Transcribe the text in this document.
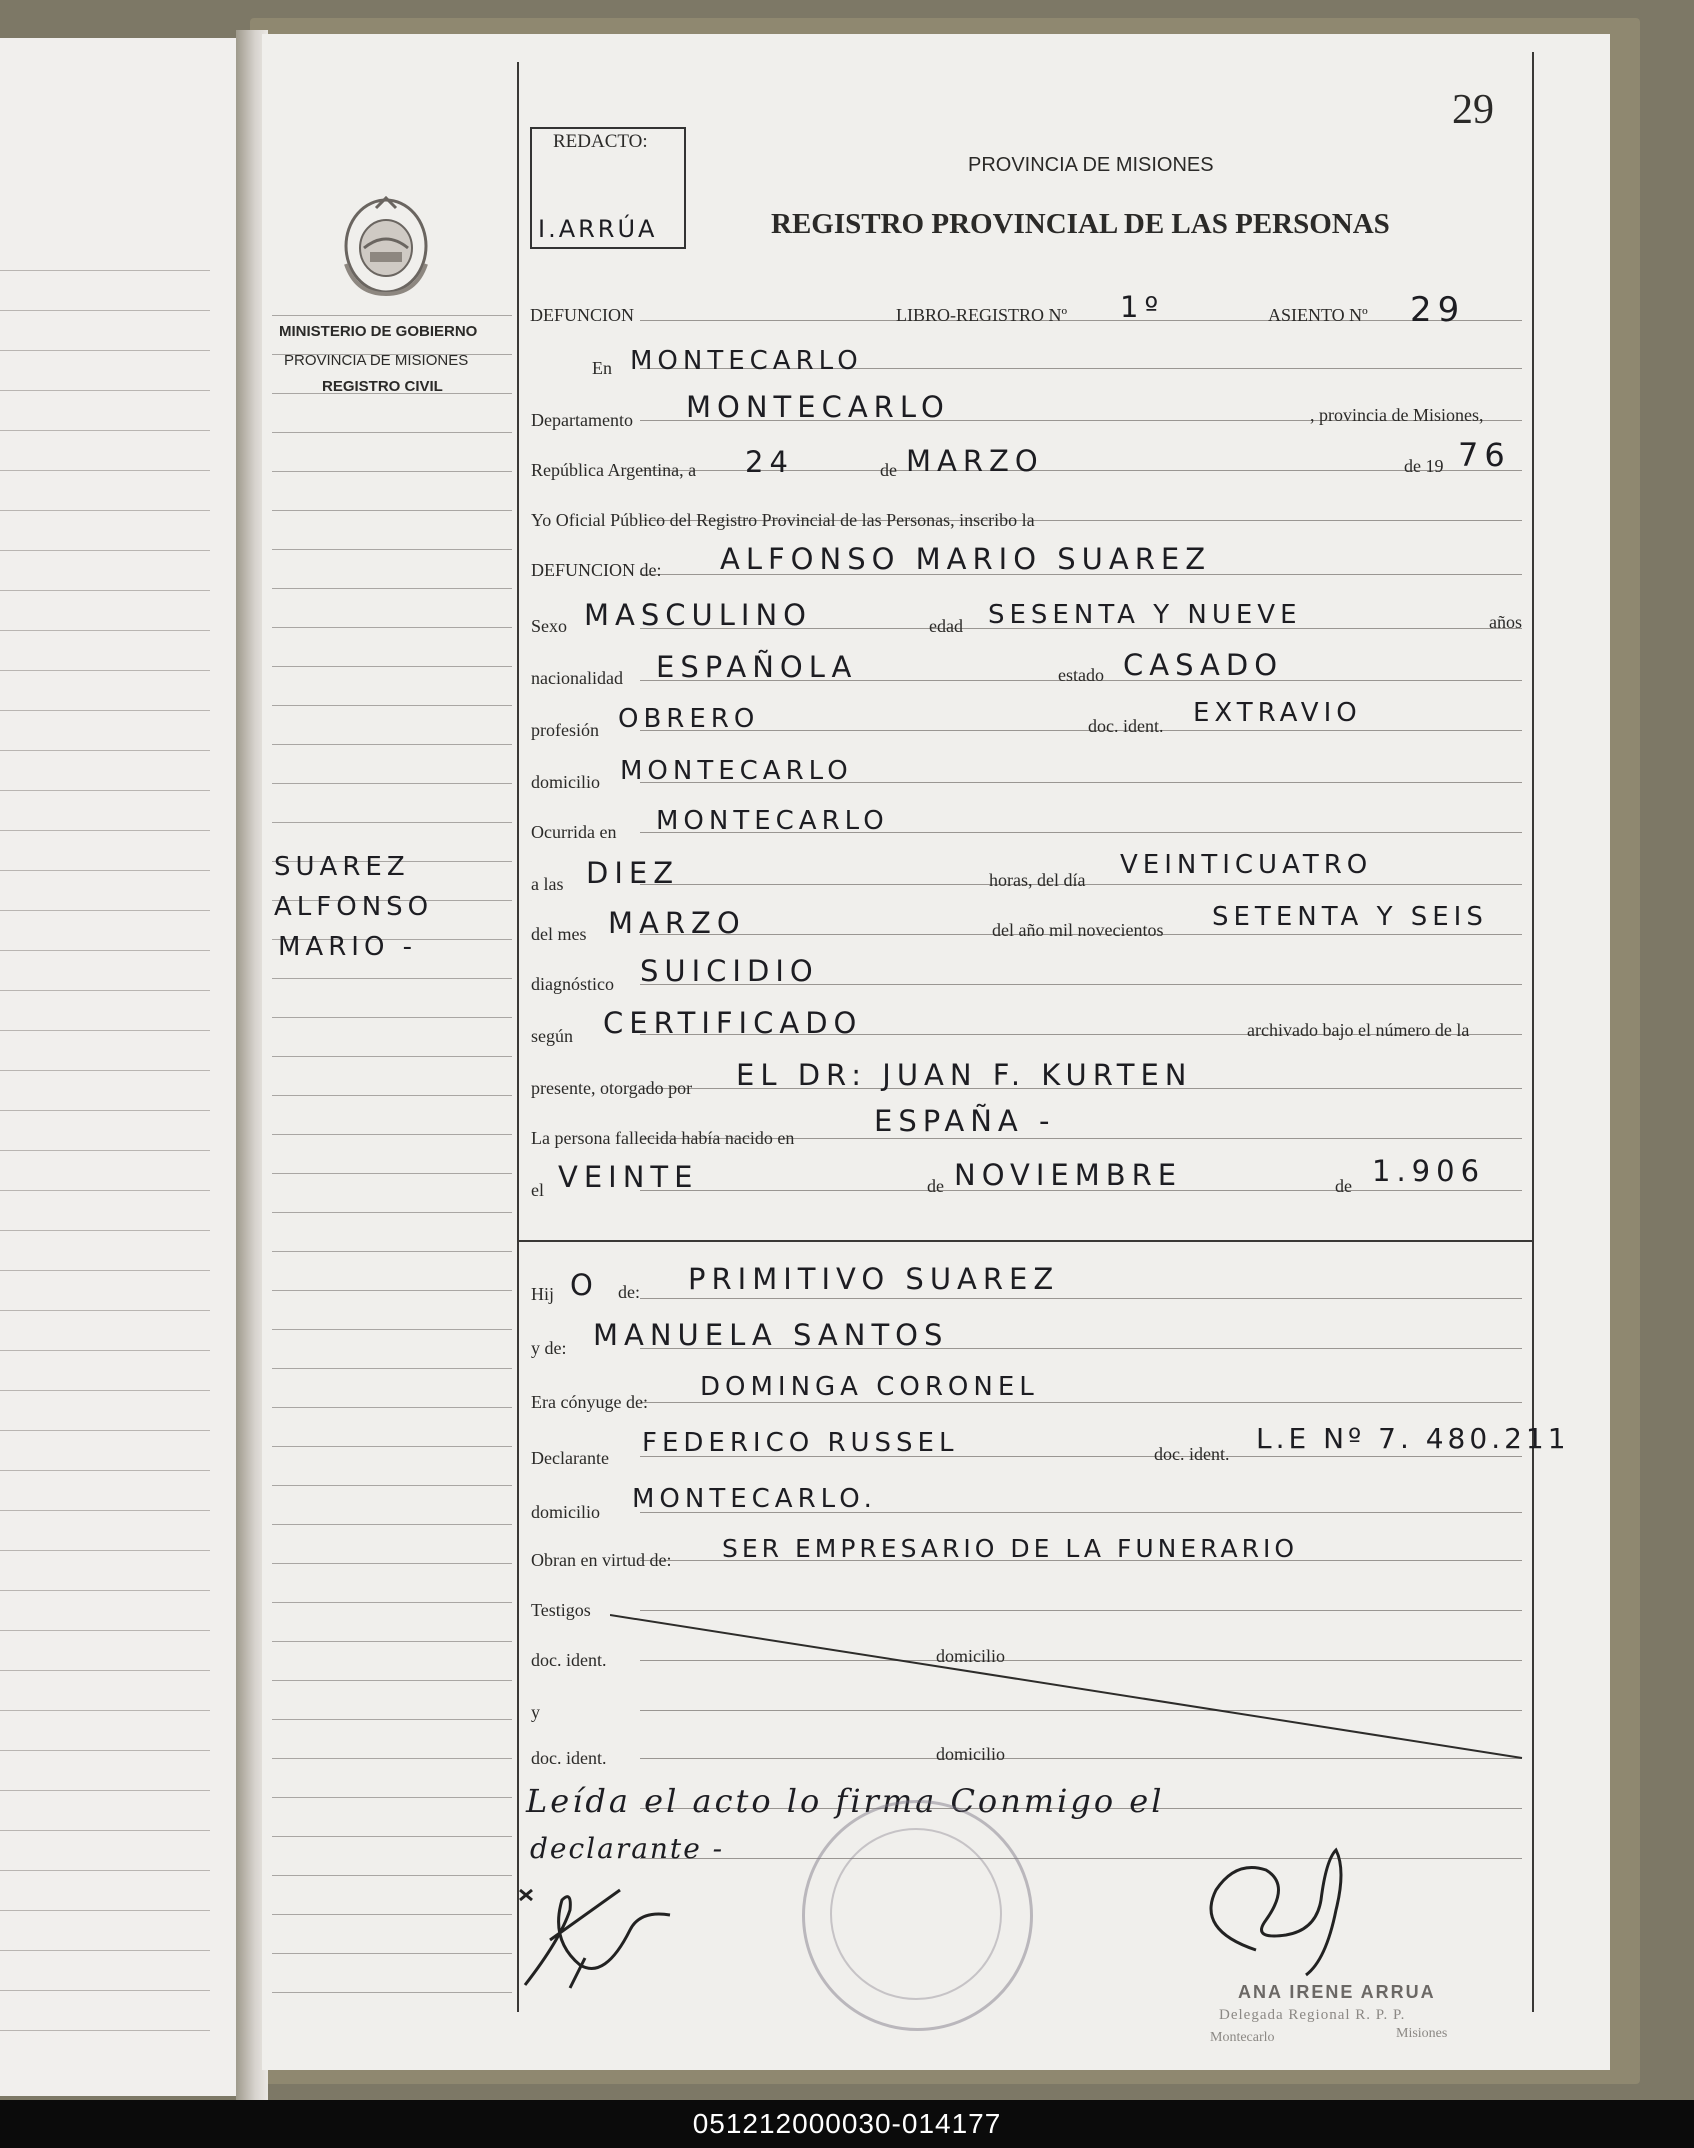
29
REDACTO:
I.ARRÚA
PROVINCIA DE MISIONES
REGISTRO PROVINCIAL DE LAS PERSONAS
MINISTERIO DE GOBIERNO
PROVINCIA DE MISIONES
REGISTRO CIVIL
SUAREZ
ALFONSO
MARIO -
DEFUNCION	LIBRO-REGISTRO Nº 1º	ASIENTO Nº 29
En MONTECARLO
Departamento MONTECARLO	, provincia de Misiones,
República Argentina, a 24	de MARZO	de 19 76
Yo Oficial Público del Registro Provincial de las Personas, inscribo la
DEFUNCION de: ALFONSO MARIO SUAREZ
Sexo MASCULINO	edad SESENTA Y NUEVE	años
nacionalidad ESPAÑOLA	estado CASADO
profesión OBRERO	doc. ident. EXTRAVIO
domicilio MONTECARLO
Ocurrida en MONTECARLO
a las DIEZ	horas, del día VEINTICUATRO
del mes MARZO	del año mil novecientos SETENTA Y SEIS
diagnóstico SUICIDIO
según CERTIFICADO	archivado bajo el número de la
presente, otorgado por EL DR: JUAN F. KURTEN
La persona fallecida había nacido en	ESPAÑA -
el VEINTE	de NOVIEMBRE	de 1.906
Hij O de: PRIMITIVO SUAREZ
y de: MANUELA SANTOS
Era cónyuge de: DOMINGA CORONEL
Declarante FEDERICO RUSSEL	doc. ident. L.E Nº 7. 480.211
domicilio MONTECARLO.
Obran en virtud de: SER EMPRESARIO DE LA FUNERARIO
Testigos
doc. ident.	domicilio
y
doc. ident.	domicilio
Leída el acto lo firma Conmigo el
declarante -
ANA IRENE ARRUA
Delegada Regional R. P. P.
Montecarlo	Misiones
051212000030-014177
